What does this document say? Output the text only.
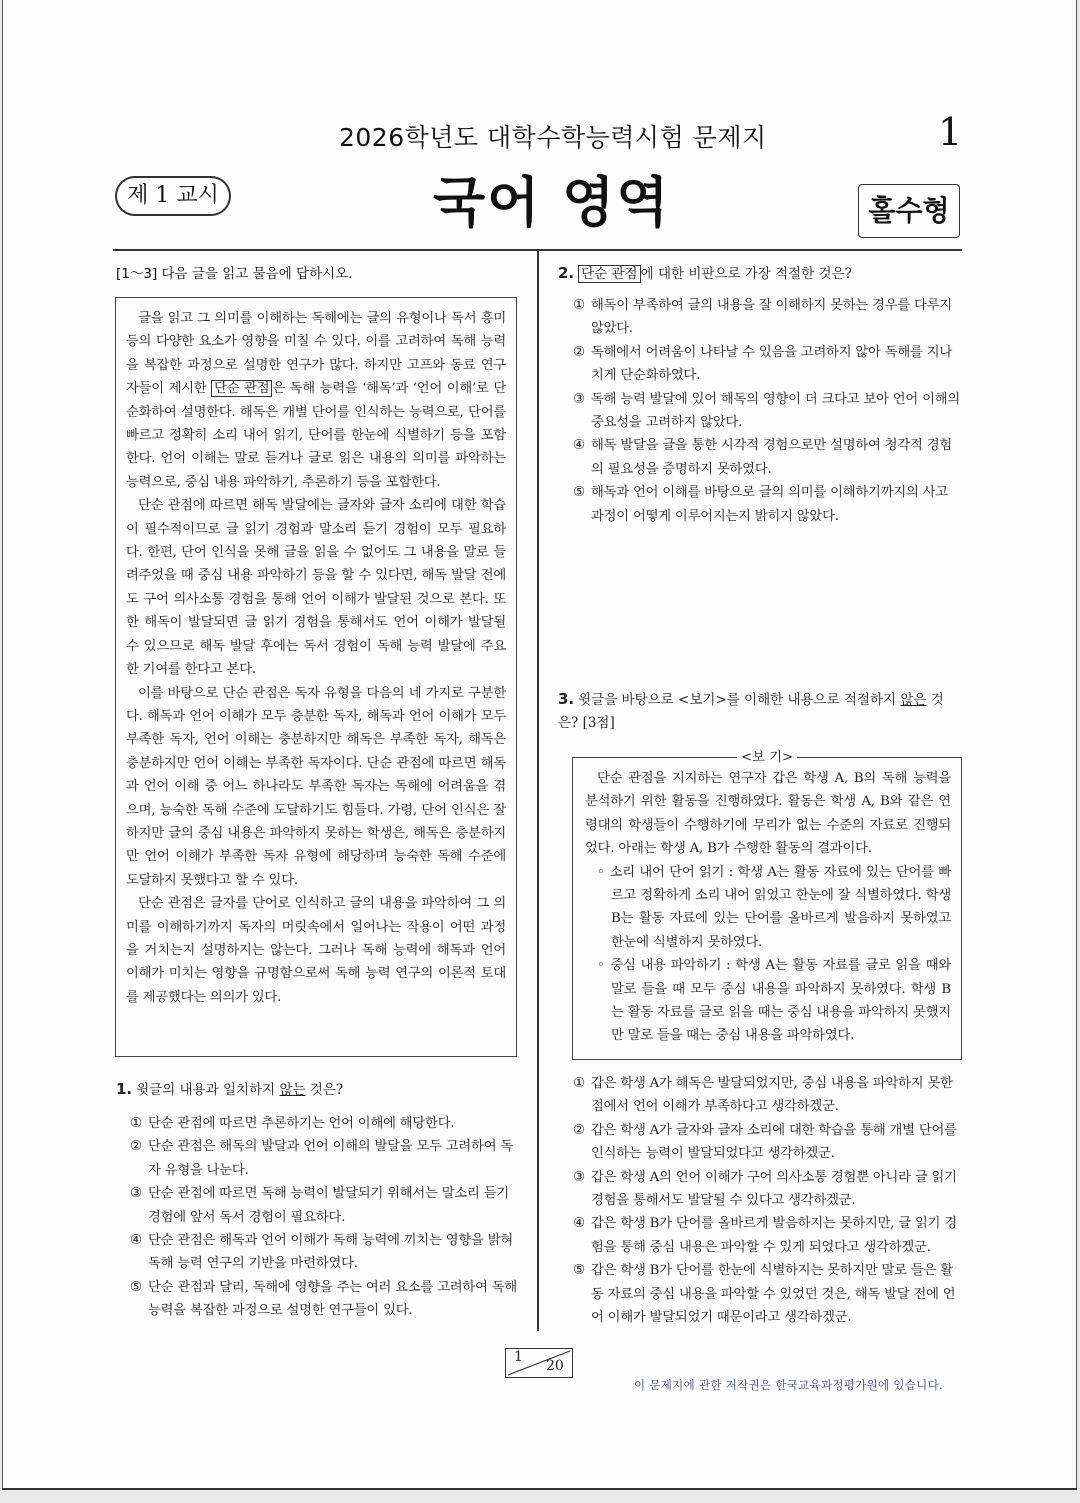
2026학년도 대학수학능력시험 문제지	1
제 1 교시	국어 영역	홀수형
[1～3] 다음 글을 읽고 물음에 답하시오.

글을 읽고 그 의미를 이해하는 독해에는 글의 유형이나 독서 흥미 등의 다양한 요소가 영향을 미칠 수 있다. 이를 고려하여 독해 능력을 복잡한 과정으로 설명한 연구가 많다. 하지만 고프와 동료 연구자들이 제시한 단순 관점 은 독해 능력을 ‘해독’과 ‘언어 이해’로 단순화하여 설명한다. 해독은 개별 단어를 인식하는 능력으로, 단어를 빠르고 정확히 소리 내어 읽기, 단어를 한눈에 식별하기 등을 포함한다. 언어 이해는 말로 듣거나 글로 읽은 내용의 의미를 파악하는 능력으로, 중심 내용 파악하기, 추론하기 등을 포함한다.

단순 관점에 따르면 해독 발달에는 글자와 글자 소리에 대한 학습이 필수적이므로 글 읽기 경험과 말소리 듣기 경험이 모두 필요하다. 한편, 단어 인식을 못해 글을 읽을 수 없어도 그 내용을 말로 들려주었을 때 중심 내용 파악하기 등을 할 수 있다면, 해독 발달 전에도 구어 의사소통 경험을 통해 언어 이해가 발달된 것으로 본다. 또한 해독이 발달되면 글 읽기 경험을 통해서도 언어 이해가 발달될 수 있으므로 해독 발달 후에는 독서 경험이 독해 능력 발달에 주요한 기여를 한다고 본다.

이를 바탕으로 단순 관점은 독자 유형을 다음의 네 가지로 구분한다. 해독과 언어 이해가 모두 충분한 독자, 해독과 언어 이해가 모두 부족한 독자, 언어 이해는 충분하지만 해독은 부족한 독자, 해독은 충분하지만 언어 이해는 부족한 독자이다. 단순 관점에 따르면 해독과 언어 이해 중 어느 하나라도 부족한 독자는 독해에 어려움을 겪으며, 능숙한 독해 수준에 도달하기도 힘들다. 가령, 단어 인식은 잘하지만 글의 중심 내용은 파악하지 못하는 학생은, 해독은 충분하지만 언어 이해가 부족한 독자 유형에 해당하며 능숙한 독해 수준에 도달하지 못했다고 할 수 있다.

단순 관점은 글자를 단어로 인식하고 글의 내용을 파악하여 그 의미를 이해하기까지 독자의 머릿속에서 일어나는 작용이 어떤 과정을 거치는지 설명하지는 않는다. 그러나 독해 능력에 해독과 언어 이해가 미치는 영향을 규명함으로써 독해 능력 연구의 이론적 토대를 제공했다는 의의가 있다.

1. 윗글의 내용과 일치하지 않는 것은?
① 단순 관점에 따르면 추론하기는 언어 이해에 해당한다.
② 단순 관점은 해독의 발달과 언어 이해의 발달을 모두 고려하여 독자 유형을 나눈다.
③ 단순 관점에 따르면 독해 능력이 발달되기 위해서는 말소리 듣기 경험에 앞서 독서 경험이 필요하다.
④ 단순 관점은 해독과 언어 이해가 독해 능력에 끼치는 영향을 밝혀 독해 능력 연구의 기반을 마련하였다.
⑤ 단순 관점과 달리, 독해에 영향을 주는 여러 요소를 고려하여 독해 능력을 복잡한 과정으로 설명한 연구들이 있다.
2. 단순 관점 에 대한 비판으로 가장 적절한 것은?
① 해독이 부족하여 글의 내용을 잘 이해하지 못하는 경우를 다루지 않았다.
② 독해에서 어려움이 나타날 수 있음을 고려하지 않아 독해를 지나치게 단순화하였다.
③ 독해 능력 발달에 있어 해독의 영향이 더 크다고 보아 언어 이해의 중요성을 고려하지 않았다.
④ 해독 발달을 글을 통한 시각적 경험으로만 설명하여 청각적 경험의 필요성을 증명하지 못하였다.
⑤ 해독과 언어 이해를 바탕으로 글의 의미를 이해하기까지의 사고 과정이 어떻게 이루어지는지 밝히지 않았다.
3. 윗글을 바탕으로 <보기>를 이해한 내용으로 적절하지 않은 것은? [3점]

단순 관점을 지지하는 연구자 갑은 학생 A, B의 독해 능력을 분석하기 위한 활동을 진행하였다. 활동은 학생 A, B와 같은 연령대의 학생들이 수행하기에 무리가 없는 수준의 자료로 진행되었다. 아래는 학생 A, B가 수행한 활동의 결과이다.

◦ 소리 내어 단어 읽기 : 학생 A는 활동 자료에 있는 단어를 빠르고 정확하게 소리 내어 읽었고 한눈에 잘 식별하였다. 학생 B는 활동 자료에 있는 단어를 올바르게 발음하지 못하였고 한눈에 식별하지 못하였다.
◦ 중심 내용 파악하기 : 학생 A는 활동 자료를 글로 읽을 때와 말로 들을 때 모두 중심 내용을 파악하지 못하였다. 학생 B는 활동 자료를 글로 읽을 때는 중심 내용을 파악하지 못했지만 말로 들을 때는 중심 내용을 파악하였다.
<보 기>
① 갑은 학생 A가 해독은 발달되었지만, 중심 내용을 파악하지 못한 점에서 언어 이해가 부족하다고 생각하겠군.
② 갑은 학생 A가 글자와 글자 소리에 대한 학습을 통해 개별 단어를 인식하는 능력이 발달되었다고 생각하겠군.
③ 갑은 학생 A의 언어 이해가 구어 의사소통 경험뿐 아니라 글 읽기 경험을 통해서도 발달될 수 있다고 생각하겠군.
④ 갑은 학생 B가 단어를 올바르게 발음하지는 못하지만, 글 읽기 경험을 통해 중심 내용은 파악할 수 있게 되었다고 생각하겠군.
⑤ 갑은 학생 B가 단어를 한눈에 식별하지는 못하지만 말로 들은 활동 자료의 중심 내용을 파악할 수 있었던 것은, 해독 발달 전에 언어 이해가 발달되었기 때문이라고 생각하겠군.
1
20
이 문제지에 관한 저작권은 한국교육과정평가원에 있습니다.
